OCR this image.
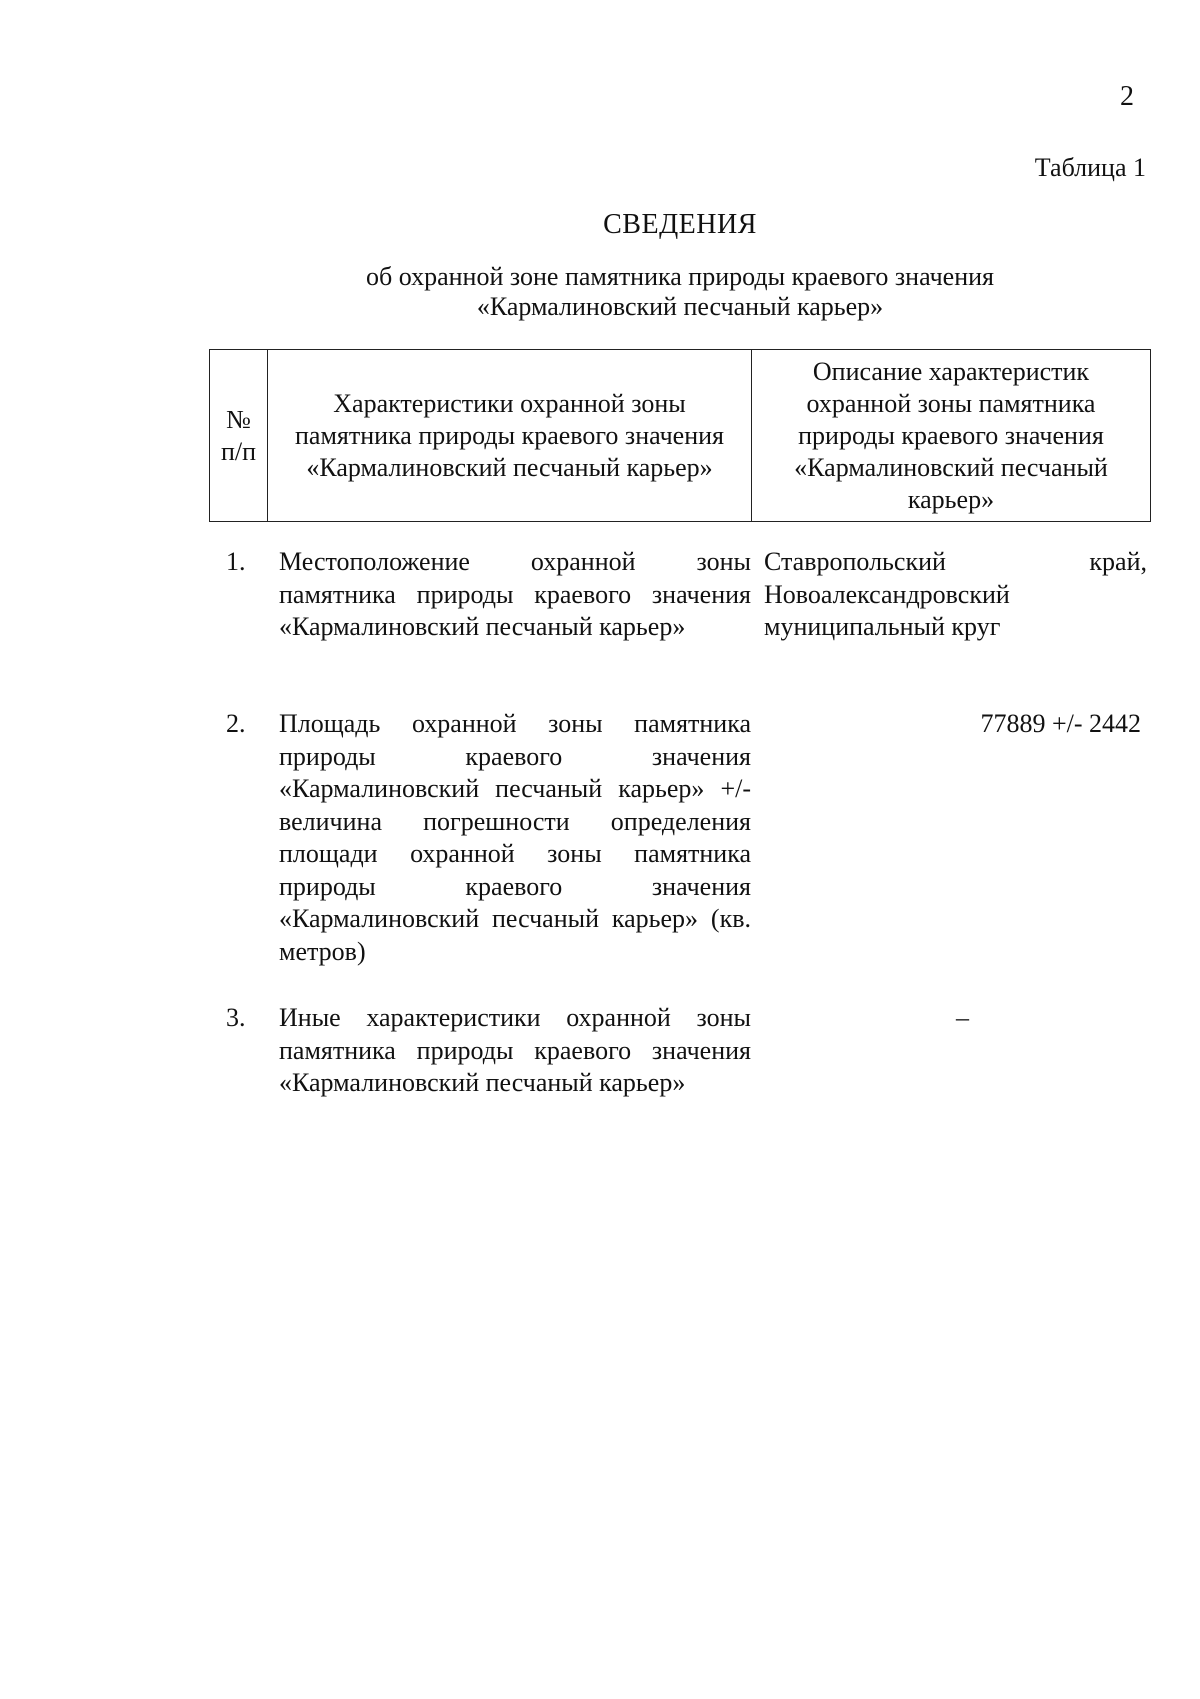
2
Таблица 1
СВЕДЕНИЯ
об охранной зоне памятника природы краевого значения
«Кармалиновский песчаный карьер»
№ п/п
Характеристики охранной зоны памятника природы краевого значения «Кармалиновский песчаный карьер»
Описание характеристик охранной зоны памятника природы краевого значения «Кармалиновский песчаный карьер»
1. Местоположение охранной зоны памятника природы краевого значения «Кармалиновский песчаный карьер»
Ставропольский край, Новоалександровский муниципальный круг
2. Площадь охранной зоны памятника природы краевого значения «Кармалиновский песчаный карьер» +/- величина погрешности определения площади охранной зоны памятника природы краевого значения «Кармалиновский песчаный карьер» (кв. метров)
77889 +/- 2442
3. Иные характеристики охранной зоны памятника природы краевого значения «Кармалиновский песчаный карьер»
–
